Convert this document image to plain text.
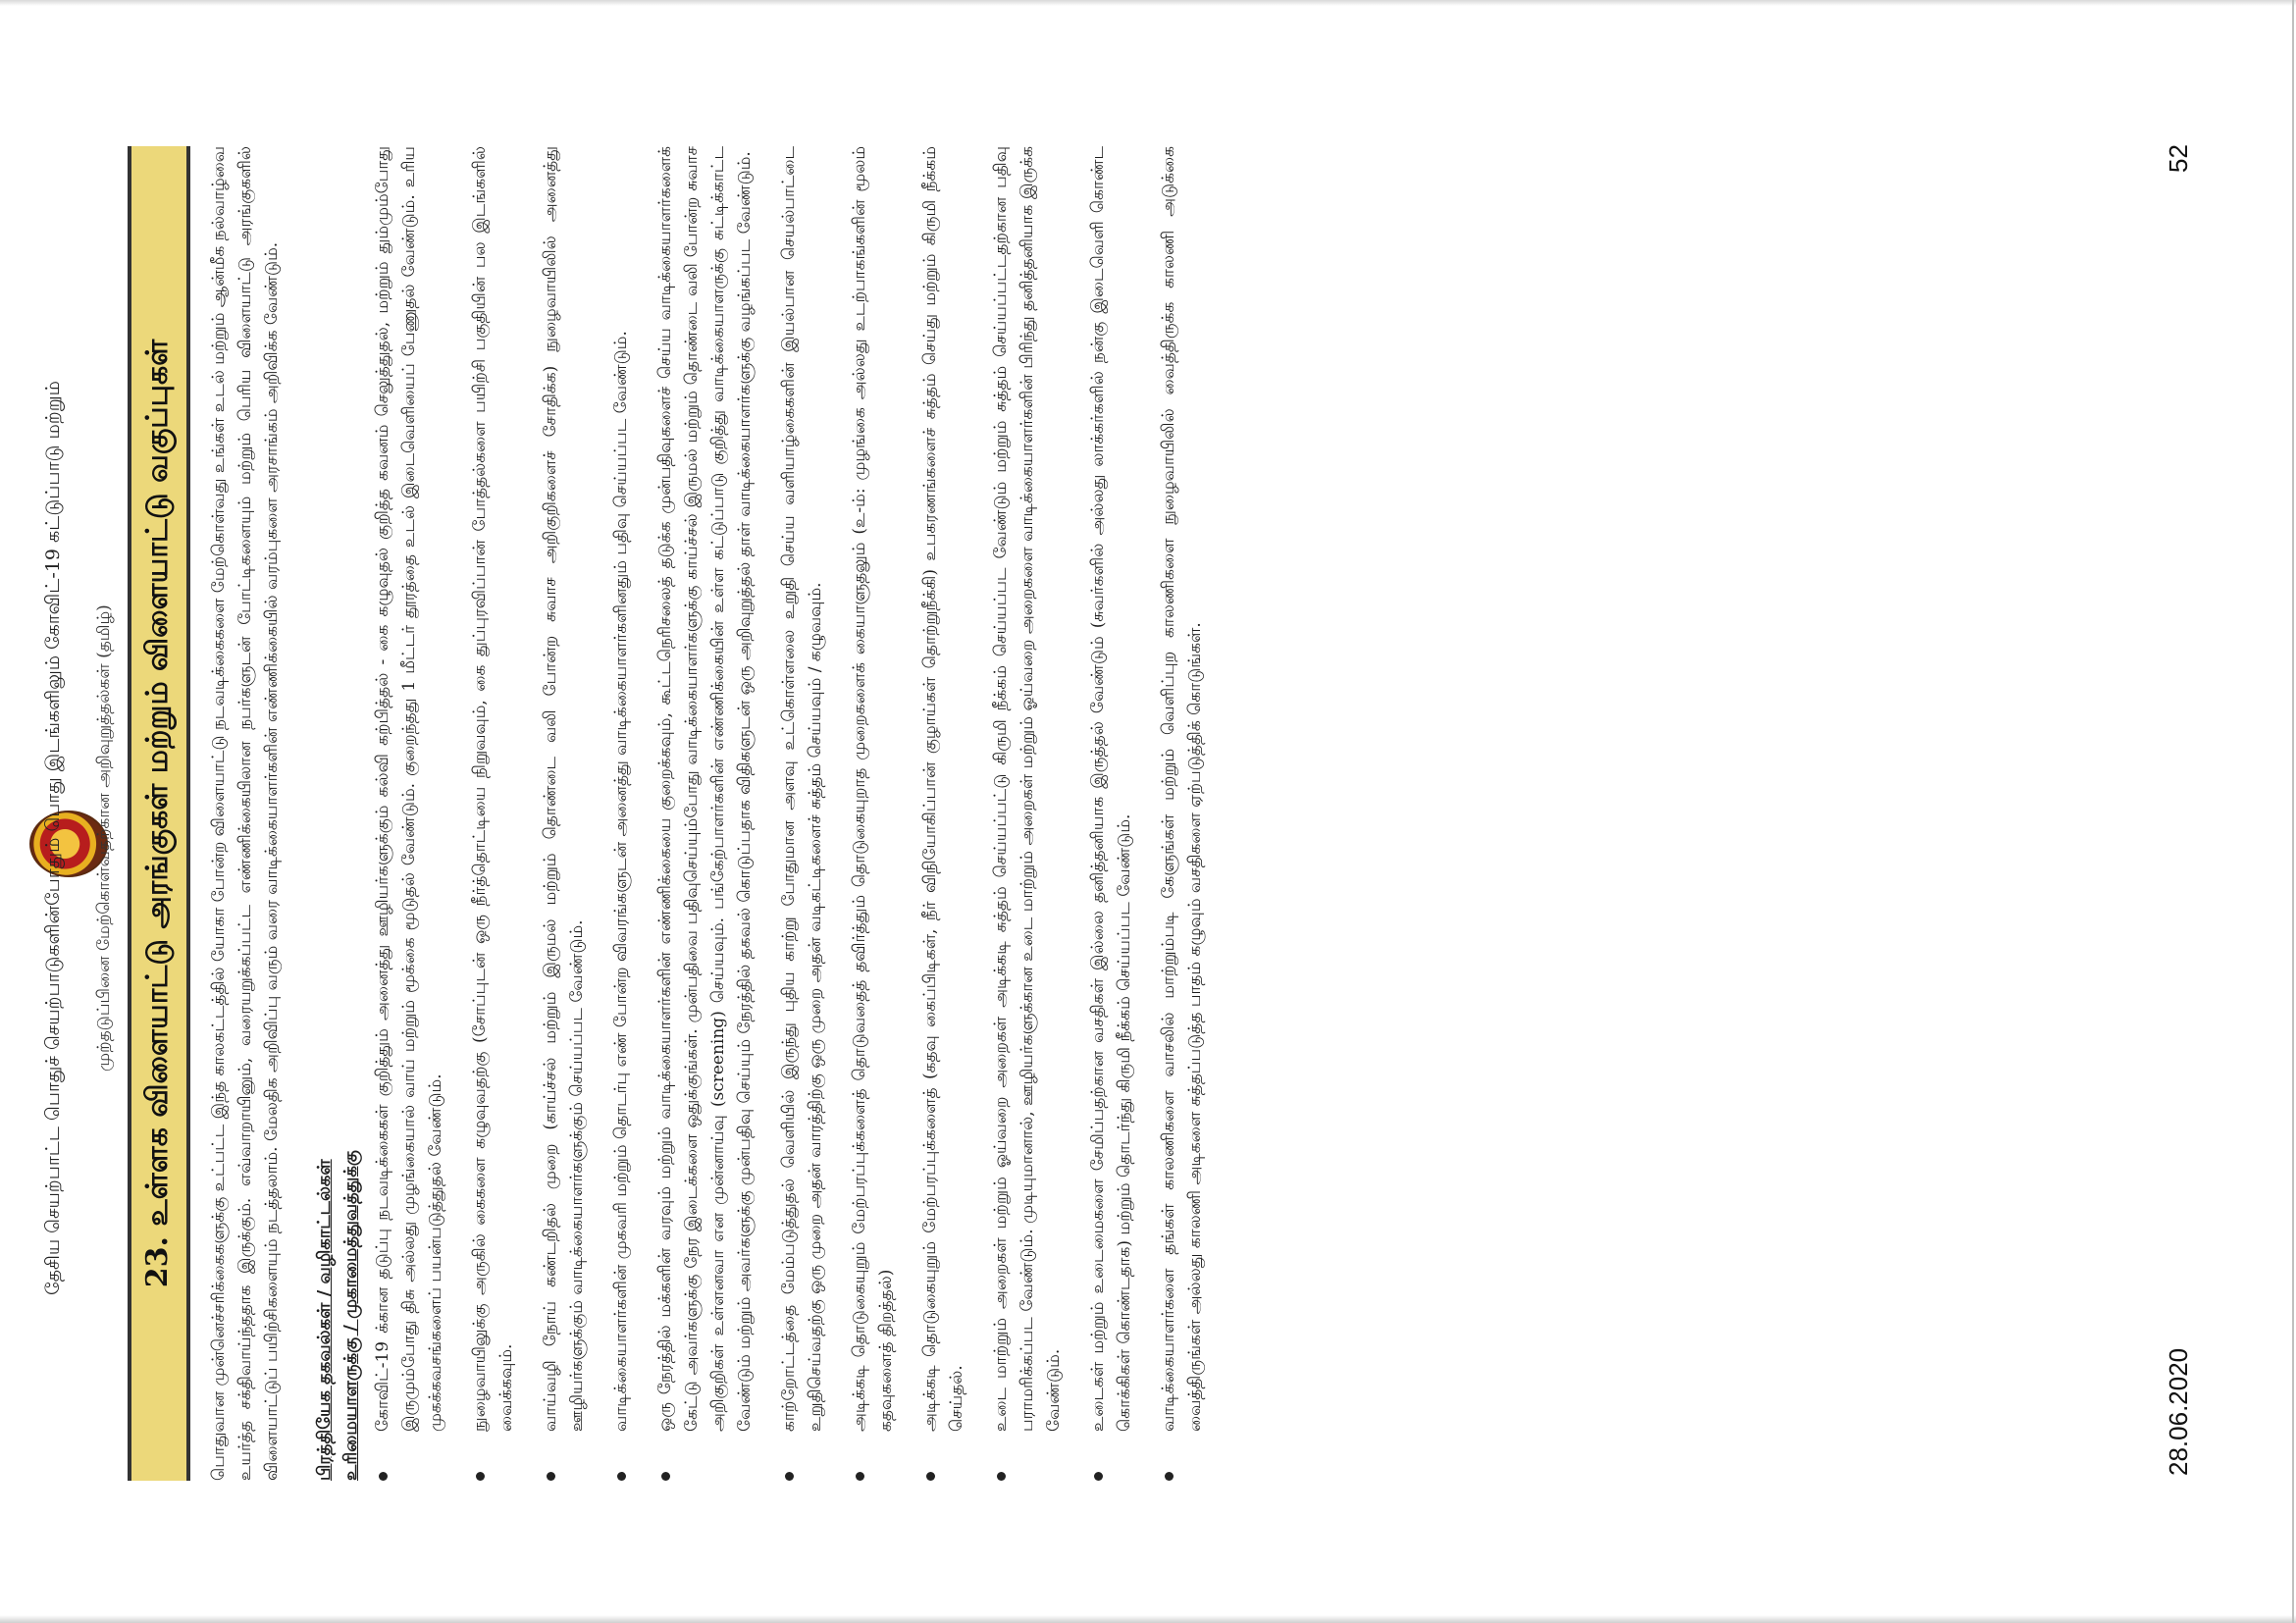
தேசிய செயற்பாட்ட பொதுச் செயற்பாடுகளின்போதும் பொது இடங்களிலும் கோவிட்-19 கட்டுப்பாடு மற்றும் முற்தடுப்பினை மேற்கொள்வதற்கான அறிவுறுத்தல்கள் (தமிழ்) 23. உள்ளக விளையாட்டு அரங்குகள் மற்றும் விளையாட்டு வகுப்புகள் பொதுவான முன்னெச்சரிக்கைகளுக்கு உட்பட்ட இந்த காலகட்டத்தில் யோகா போன்ற விளையாட்டு நடவடிக்கைகளை மேற்கொள்வது உங்கள் உடல் மற்றும் ஆன்மீக நல்வாழ்வை உயர்த்த சக்திவாய்ந்ததாக இருக்கும். எவ்வாறாயினும், வரையறுக்கப்பட்ட எண்ணிக்கையிலான நபர்களுடன் போட்டிகளையும் மற்றும் பெரிய விளையாட்டு அரங்குகளில் விளையாட்டுப் பயிற்சிகளையும் நடத்தலாம். மேலதிக அறிவிப்பு வரும் வரை வாடிக்கையாளர்களின் எண்ணிக்கையில் வரம்புகளை அரசாங்கம் அறிவிக்க வேண்டும். பிரத்தியேக தகவல்கள் / வழிகாட்டல்கள் உரிமையாளருக்கு / முகாமைத்துவத்துக்கு கோவிட்-19 க்கான தடுப்பு நடவடிக்கைகள் குறித்தும் அனைத்து ஊழியர்களுக்கும் கல்வி கற்பித்தல் - கை கழுவுதல் குறித்த கவனம் செலுத்துதல், மற்றும் தும்மும்போது இருமும்போது திசு அல்லது முழங்கையால் வாய் மற்றும் மூக்கை மூடுதல் வேண்டும். குறைந்தது 1 மீட்டர் தூரத்தை உடல் இடைவெளியைப் பேணுதல் வேண்டும். உரிய முகக்கவசங்களைப் பயன்படுத்துதல் வேண்டும். நுழைவாயிலுக்கு அருகில் கைகளை கழுவுவதற்கு (சோப்புடன் ஒரு நீர்த்தொட்டியை நிறுவவும், கை துப்புரவிப்பான் போத்தல்களை பயிற்சி பகுதியின் பல இடங்களில் வைக்கவும். வாய்வழி நோய் கண்டறிதல் முறை (காய்ச்சல் மற்றும் இருமல் மற்றும் தொண்டை வலி போன்ற சுவாச அறிகுறிகளைச் சோதிக்க) நுழைவாயிலில் அனைத்து ஊழியர்களுக்கும் வாடிக்கையாளர்களுக்கும் செய்யப்பட வேண்டும். வாடிக்கையாளர்களின் முகவரி மற்றும் தொடர்பு எண் போன்ற விவரங்களுடன் அனைத்து வாடிக்கையாளர்களினதும் பதிவு செய்யப்பட வேண்டும். ஒரு நேரத்தில் மக்களின் வரவும் மற்றும் வாடிக்கையாளர்களின் எண்ணிக்கையை குறைக்கவும், கூட்டநெரிசலைத் தடுக்க முன்பதிவுகளைச் செய்ய வாடிக்கையாளர்களைக் கேட்டு அவர்களுக்கு நேர இடைக்களை ஒதுக்குங்கள். முன்பதிவை பதிவுசெய்யும்போது வாடிக்கையாளர்களுக்கு காய்ச்சல் இருமல் மற்றும் தொண்டை வலி போன்ற சுவாச அறிகுறிகள் உள்ளனவா என முன்னாய்வு (screening) செய்யவும். பங்கேற்பாளர்களின் எண்ணிக்கையின் உள்ள கட்டுப்பாடு குறித்து வாடிக்கையாளருக்கு சுட்டிக்காட்ட வேண்டும் மற்றும் அவர்களுக்கு முன்பதிவு செய்யும் நேரத்தில் தகவல் கொடுப்பதாக விதிகளுடன் ஒரு அறிவுறுத்தல் தாள் வாடிக்கையாளர்களுக்கு வழங்கப்பட வேண்டும். காற்றோட்டத்தை மேம்படுத்துதல் வெளியில் இருந்து புதிய காற்று போதுமான அளவு உட்கொள்ளலை உறுதி செய்ய வளியாழ்கைகளின் இயல்பான செயல்பாட்டை உறுதிசெய்வதற்கு ஒரு முறை அதன் வாரத்திற்கு ஒரு முறை அதன் வடிகட்டிகளைச் சுத்தம் செய்யவும் / கழுவவும். அடிக்கடி தொடுகையுறும் மேற்பரப்புக்களைத் தொடுவதைத் தவிர்த்தும் தொடுகையுறாத முறைகளைக் கையாளுதலும் (உ-ம்: முழங்கை அல்லது உடற்பாகங்களின் மூலம் கதவுகளைத் திறத்தல்) அடிக்கடி தொடுகையுறும் மேற்பரப்புக்களைத் (கதவு கைப்பிடிகள், நீர் விநியோகிப்பான் குழாய்கள் தொற்றுநீக்கி) உபகரணங்களைச் சுத்தம் செய்து மற்றும் கிருமி நீக்கம் செய்தல். உடை மாற்றும் அறைகள் மற்றும் ஓய்வறை அறைகள் அடிக்கடி சுத்தம் செய்யப்பட்டு கிருமி நீக்கம் செய்யப்பட வேண்டும் மற்றும் சுத்தம் செய்யப்பட்டதற்கான பதிவு பராமரிக்கப்பட வேண்டும். முடியுமானால், ஊழியர்களுக்கான உடை மாற்றும் அறைகள் மற்றும் ஓய்வறை அறைகளை வாடிக்கையாளர்களின் பிரிந்து தனித்தனியாக இருக்க வேண்டும். உடைகள் மற்றும் உடைமைகளை சேமிப்பதற்கான வசதிகள் இல்லை தனித்தனியாக இருத்தல் வேண்டும் (சுவர்களில் அல்லது லாக்கர்களில் நன்கு இடைவெளி கொண்ட கொக்கிகள் கொண்டதாக) மற்றும் தொடர்ந்து கிருமி நீக்கம் செய்யப்பட வேண்டும். வாடிக்கையாளர்களை தங்கள் காலணிகளை வாசலில் மாற்றும்படி கேளுங்கள் மற்றும் வெளிப்புற காலணிகளை நுழைவாயிலில் வைத்திருக்க காலணி அடுக்கை வைத்திருங்கள் அல்லது காலணி அடிகளை சுத்தப்படுத்த பாதம் கழுவும் வசதிகளை ஏற்படுத்திக் கொடுங்கள்.	28.06.2020
52
